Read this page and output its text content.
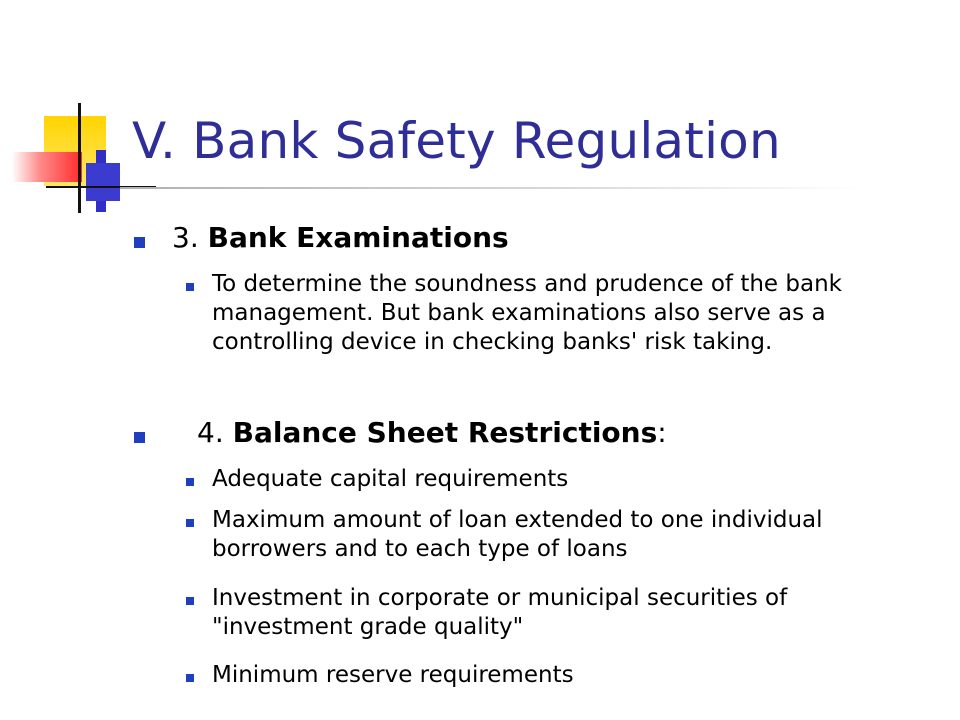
V. Bank Safety Regulation
3. Bank Examinations
To determine the soundness and prudence of the bank management. But bank examinations also serve as a controlling device in checking banks' risk taking.
4. Balance Sheet Restrictions:
Adequate capital requirements
Maximum amount of loan extended to one individual borrowers and to each type of loans
Investment in corporate or municipal securities of "investment grade quality"
Minimum reserve requirements
